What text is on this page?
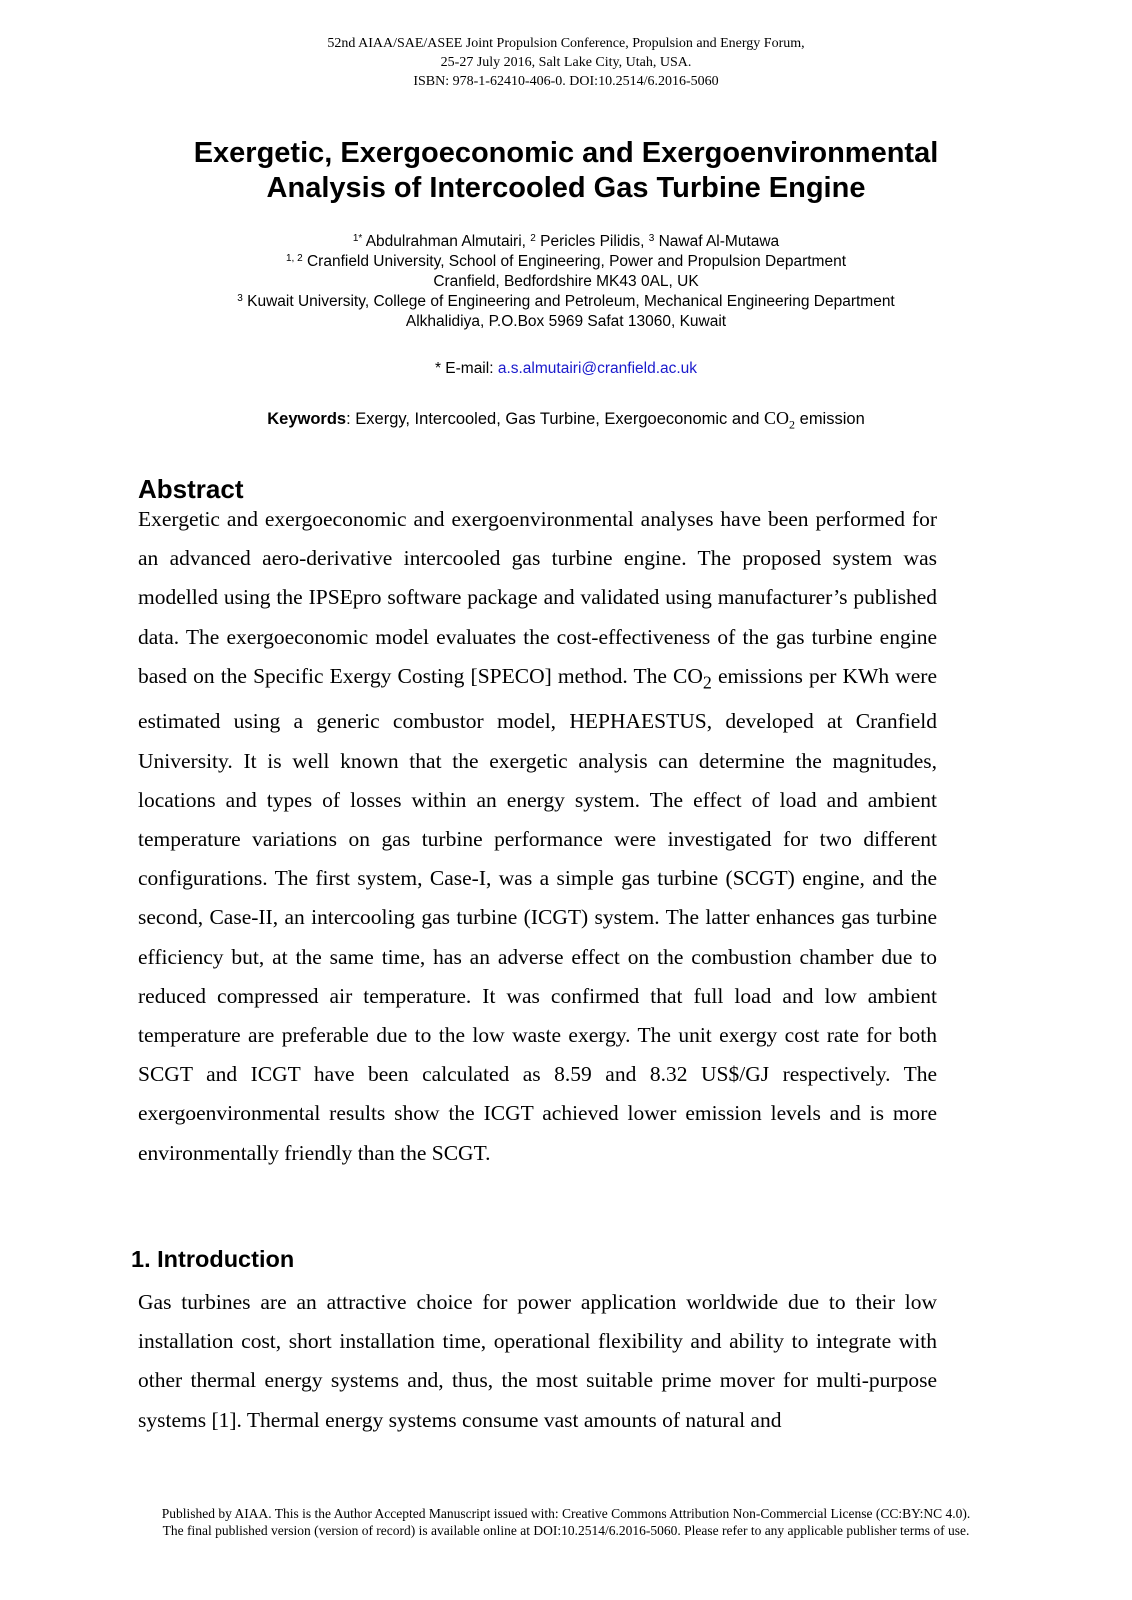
52nd AIAA/SAE/ASEE Joint Propulsion Conference, Propulsion and Energy Forum,
25-27 July 2016, Salt Lake City, Utah, USA.
ISBN: 978-1-62410-406-0. DOI:10.2514/6.2016-5060
Exergetic, Exergoeconomic and Exergoenvironmental
Analysis of Intercooled Gas Turbine Engine
$^{1*}$ Abdulrahman Almutairi, $^2$ Pericles Pilidis, $^3$ Nawaf Al-Mutawa
$^{1, 2}$ Cranfield University, School of Engineering, Power and Propulsion Department
Cranfield, Bedfordshire MK43 0AL, UK
$^3$ Kuwait University, College of Engineering and Petroleum, Mechanical Engineering Department
Alkhalidiya, P.O.Box 5969 Safat 13060, Kuwait
* E-mail: a.s.almutairi@cranfield.ac.uk
Keywords: Exergy, Intercooled, Gas Turbine, Exergoeconomic and $CO_2$ emission
Abstract
Exergetic and exergoeconomic and exergoenvironmental analyses have been performed for an advanced aero-derivative intercooled gas turbine engine. The proposed system was modelled using the IPSEpro software package and validated using manufacturer’s published data. The exergoeconomic model evaluates the cost-effectiveness of the gas turbine engine based on the Specific Exergy Costing [SPECO] method. The $CO_2$ emissions per KWh were estimated using a generic combustor model, HEPHAESTUS, developed at Cranfield University. It is well known that the exergetic analysis can determine the magnitudes, locations and types of losses within an energy system. The effect of load and ambient temperature variations on gas turbine performance were investigated for two different configurations. The first system, Case-I, was a simple gas turbine (SCGT) engine, and the second, Case-II, an intercooling gas turbine (ICGT) system. The latter enhances gas turbine efficiency but, at the same time, has an adverse effect on the combustion chamber due to reduced compressed air temperature. It was confirmed that full load and low ambient temperature are preferable due to the low waste exergy. The unit exergy cost rate for both SCGT and ICGT have been calculated as 8.59 and 8.32 US$/GJ respectively. The exergoenvironmental results show the ICGT achieved lower emission levels and is more environmentally friendly than the SCGT.
1. Introduction
Gas turbines are an attractive choice for power application worldwide due to their low installation cost, short installation time, operational flexibility and ability to integrate with other thermal energy systems and, thus, the most suitable prime mover for multi-purpose systems [1]. Thermal energy systems consume vast amounts of natural and
Published by AIAA. This is the Author Accepted Manuscript issued with: Creative Commons Attribution Non-Commercial License (CC:BY:NC 4.0).
The final published version (version of record) is available online at DOI:10.2514/6.2016-5060. Please refer to any applicable publisher terms of use.
